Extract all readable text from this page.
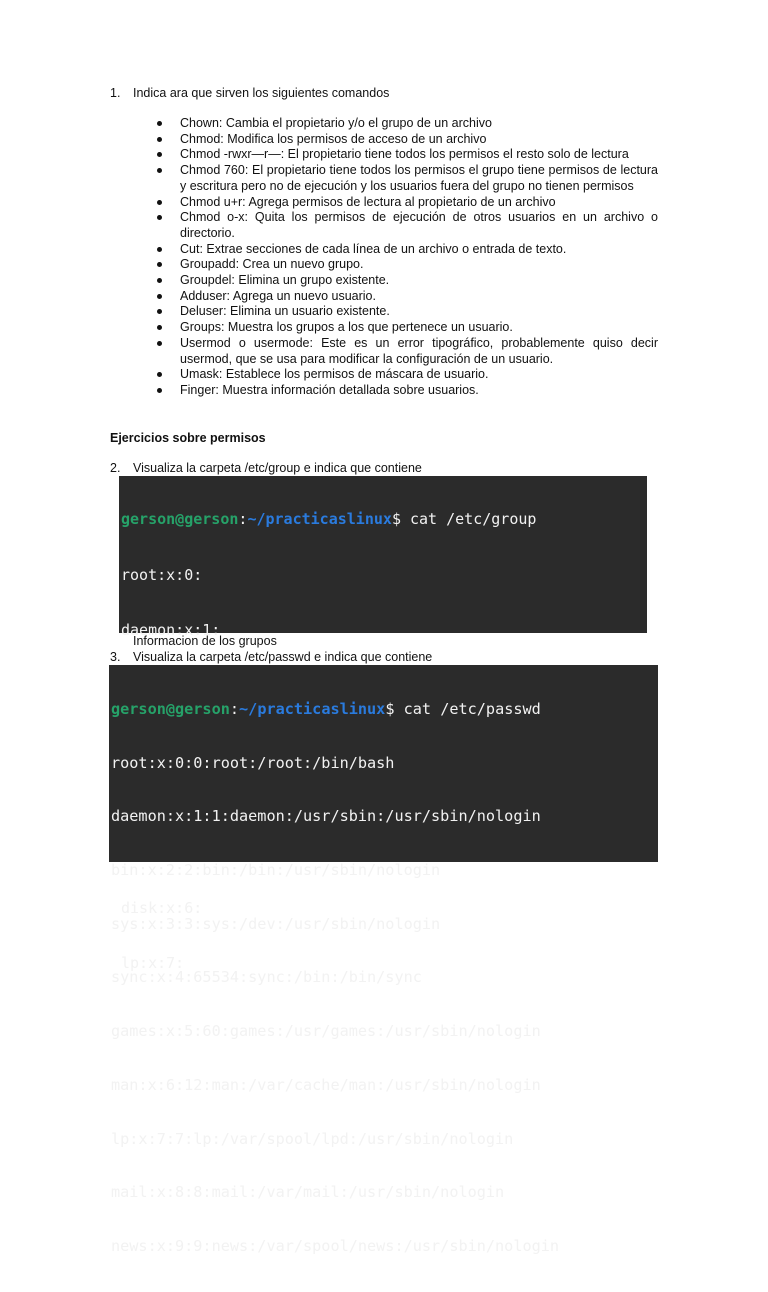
1. Indica ara que sirven los siguientes comandos
Chown: Cambia el propietario y/o el grupo de un archivo
Chmod: Modifica los permisos de acceso de un archivo
Chmod -rwxr—r—: El propietario tiene todos los permisos el resto solo de lectura
Chmod 760: El propietario tiene todos los permisos el grupo tiene permisos de lectura y escritura pero no de ejecución y los usuarios fuera del grupo no tienen permisos
Chmod u+r: Agrega permisos de lectura al propietario de un archivo
Chmod o-x: Quita los permisos de ejecución de otros usuarios en un archivo o directorio.
Cut: Extrae secciones de cada línea de un archivo o entrada de texto.
Groupadd: Crea un nuevo grupo.
Groupdel: Elimina un grupo existente.
Adduser: Agrega un nuevo usuario.
Deluser: Elimina un usuario existente.
Groups: Muestra los grupos a los que pertenece un usuario.
Usermod o usermode: Este es un error tipográfico, probablemente quiso decir usermod, que se usa para modificar la configuración de un usuario.
Umask: Establece los permisos de máscara de usuario.
Finger: Muestra información detallada sobre usuarios.
Ejercicios sobre permisos
2. Visualiza la carpeta /etc/group e indica que contiene

gerson@gerson:~/practicaslinux$ cat /etc/group

root:x:0:

daemon:x:1:

disk:x:6:

lp:x:7:

Informacion de los grupos
3. Visualiza la carpeta /etc/passwd e indica que contiene

gerson@gerson:~/practicaslinux$ cat /etc/passwd

root:x:0:0:root:/root:/bin/bash

daemon:x:1:1:daemon:/usr/sbin:/usr/sbin/nologin

bin:x:2:2:bin:/bin:/usr/sbin/nologin

sys:x:3:3:sys:/dev:/usr/sbin/nologin

sync:x:4:65534:sync:/bin:/bin/sync

games:x:5:60:games:/usr/games:/usr/sbin/nologin

man:x:6:12:man:/var/cache/man:/usr/sbin/nologin

lp:x:7:7:lp:/var/spool/lpd:/usr/sbin/nologin

mail:x:8:8:mail:/var/mail:/usr/sbin/nologin

news:x:9:9:news:/var/spool/news:/usr/sbin/nologin
